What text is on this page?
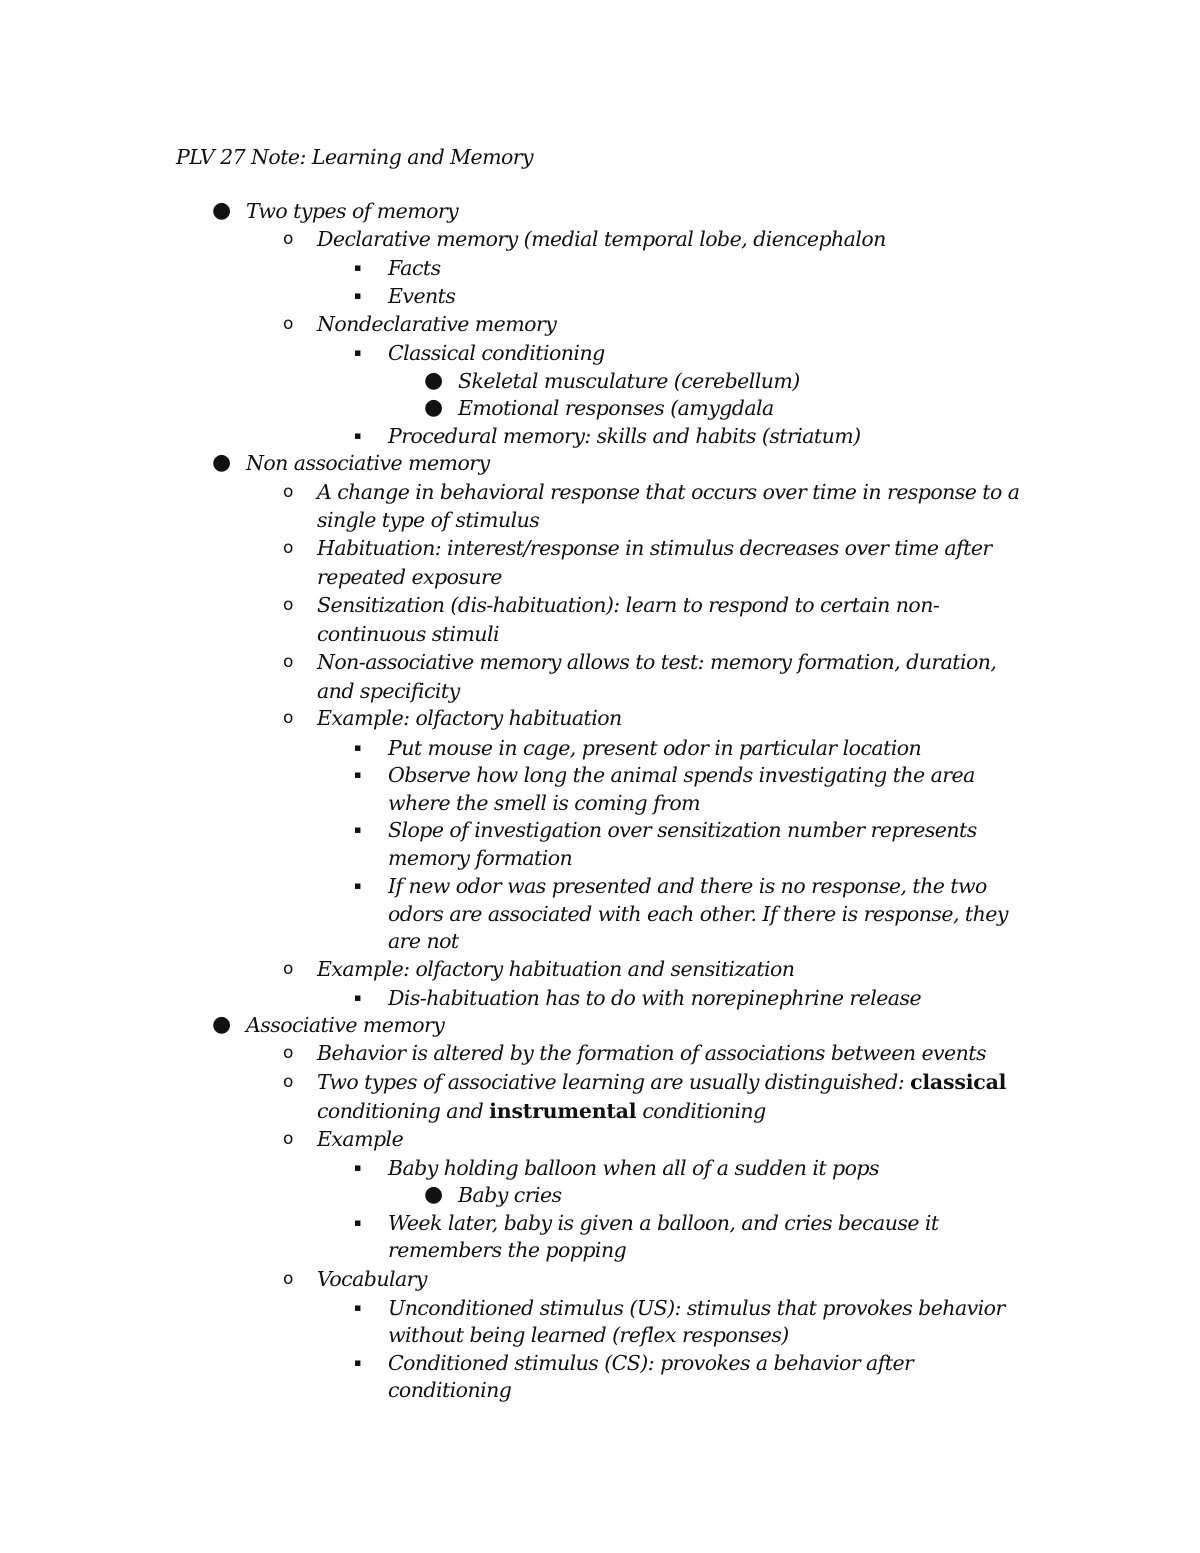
PLV 27 Note: Learning and Memory
● Two types of memory
o Declarative memory (medial temporal lobe, diencephalon
▪ Facts
▪ Events
o Nondeclarative memory
▪ Classical conditioning
● Skeletal musculature (cerebellum)
● Emotional responses (amygdala
▪ Procedural memory: skills and habits (striatum)
● Non associative memory
o A change in behavioral response that occurs over time in response to a
single type of stimulus
o Habituation: interest/response in stimulus decreases over time after
repeated exposure
o Sensitization (dis-habituation): learn to respond to certain non-
continuous stimuli
o Non-associative memory allows to test: memory formation, duration,
and specificity
o Example: olfactory habituation
▪ Put mouse in cage, present odor in particular location
▪ Observe how long the animal spends investigating the area
where the smell is coming from
▪ Slope of investigation over sensitization number represents
memory formation
▪ If new odor was presented and there is no response, the two
odors are associated with each other. If there is response, they
are not
o Example: olfactory habituation and sensitization
▪ Dis-habituation has to do with norepinephrine release
● Associative memory
o Behavior is altered by the formation of associations between events
o Two types of associative learning are usually distinguished: classical
conditioning and instrumental conditioning
o Example
▪ Baby holding balloon when all of a sudden it pops
● Baby cries
▪ Week later, baby is given a balloon, and cries because it
remembers the popping
o Vocabulary
▪ Unconditioned stimulus (US): stimulus that provokes behavior
without being learned (reflex responses)
▪ Conditioned stimulus (CS): provokes a behavior after
conditioning
